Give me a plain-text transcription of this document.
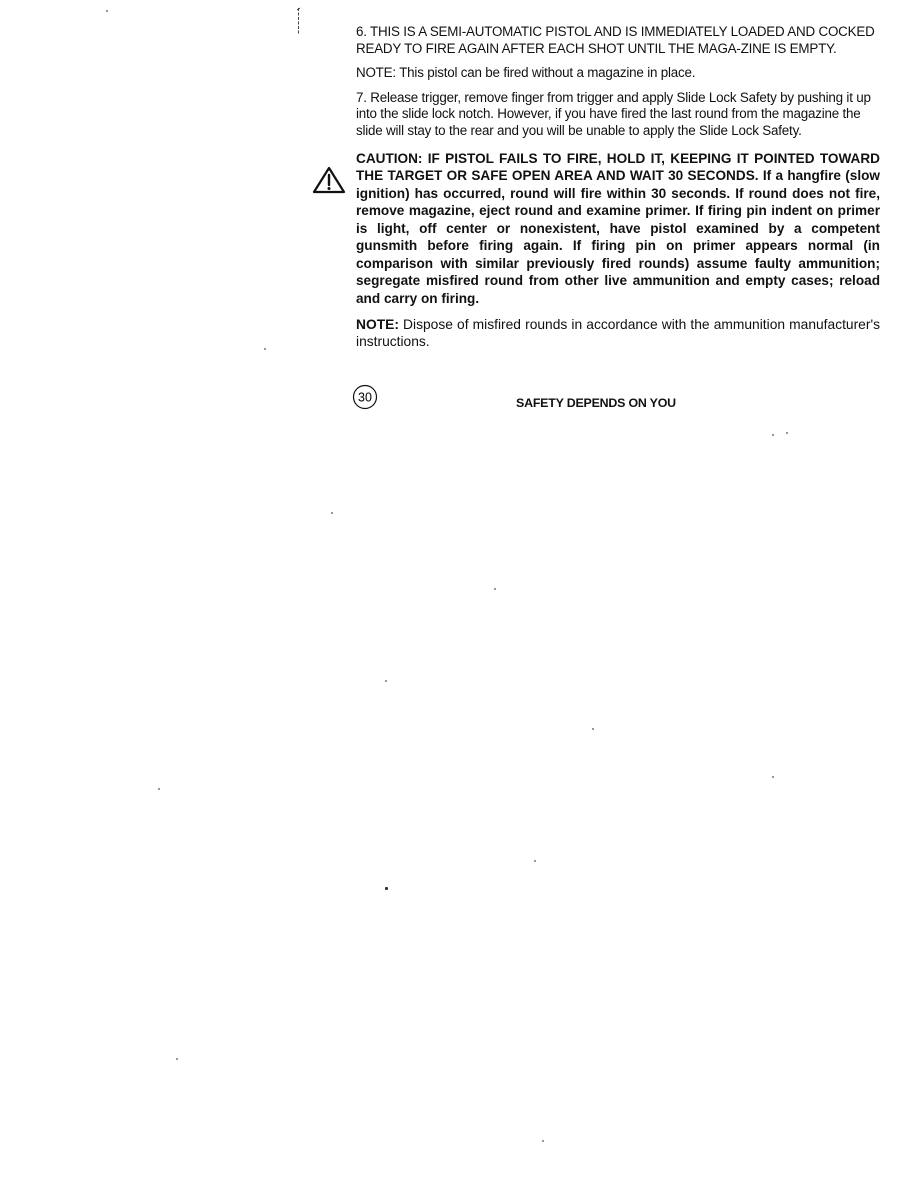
6. THIS IS A SEMI-AUTOMATIC PISTOL AND IS IMMEDIATELY LOADED AND COCKED READY TO FIRE AGAIN AFTER EACH SHOT UNTIL THE MAGA-ZINE IS EMPTY.

NOTE: This pistol can be fired without a magazine in place.

7. Release trigger, remove finger from trigger and apply Slide Lock Safety by pushing it up into the slide lock notch. However, if you have fired the last round from the magazine the slide will stay to the rear and you will be unable to apply the Slide Lock Safety.

CAUTION: IF PISTOL FAILS TO FIRE, HOLD IT, KEEPING IT POINTED TOWARD THE TARGET OR SAFE OPEN AREA AND WAIT 30 SECONDS. If a hangfire (slow ignition) has occurred, round will fire within 30 seconds. If round does not fire, remove magazine, eject round and examine primer. If firing pin indent on primer is light, off center or nonexistent, have pistol examined by a competent gunsmith before firing again. If firing pin on primer appears normal (in comparison with similar previously fired rounds) assume faulty ammunition; segregate misfired round from other live ammunition and empty cases; reload and carry on firing.

NOTE: Dispose of misfired rounds in accordance with the ammunition manufacturer's instructions.

30	SAFETY DEPENDS ON YOU
